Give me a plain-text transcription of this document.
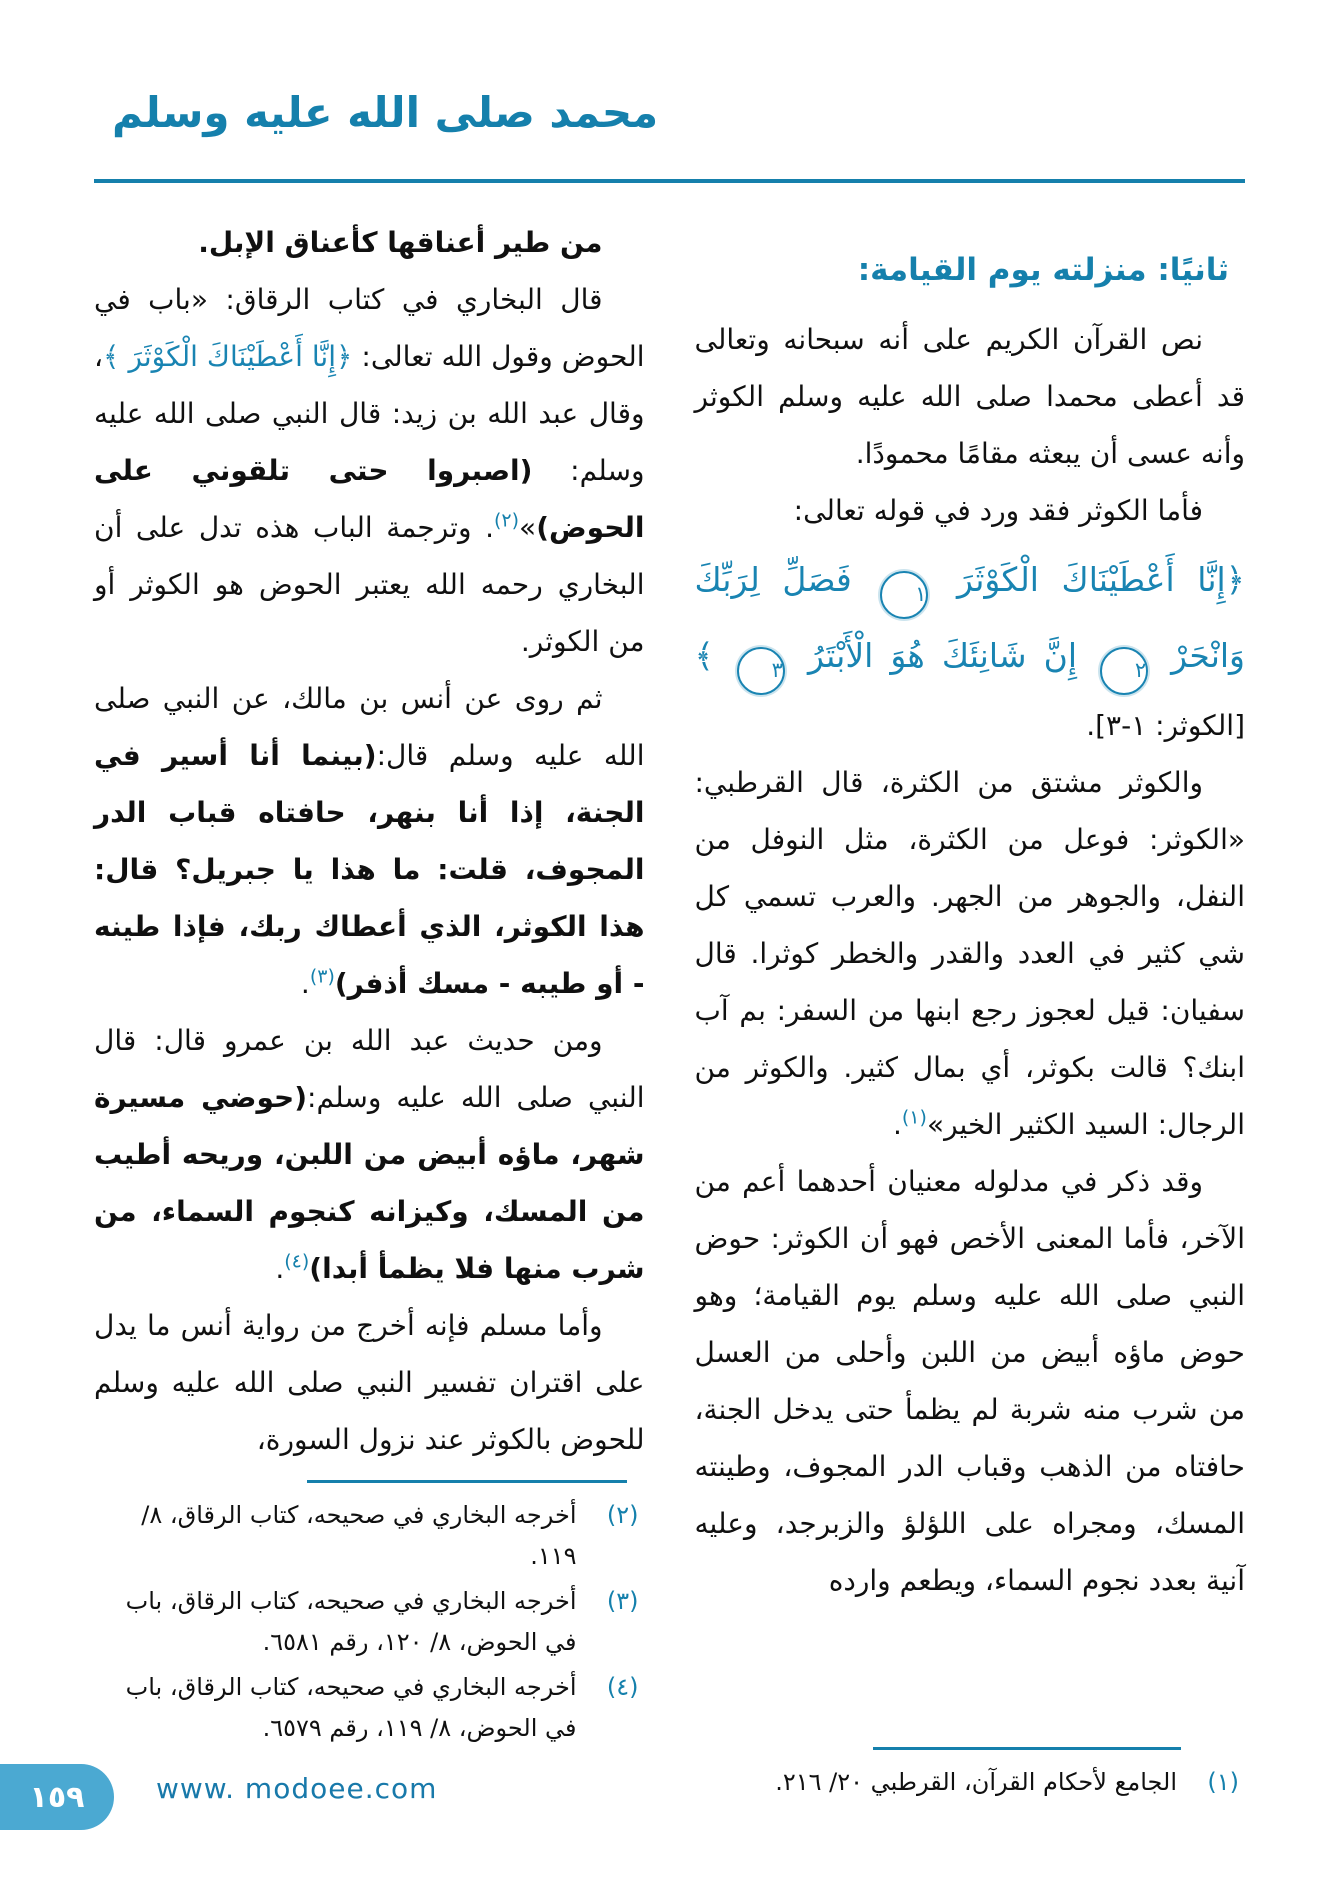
محمد صلى الله عليه وسلم
ثانيًا: منزلته يوم القيامة:

نص القرآن الكريم على أنه سبحانه وتعالى قد أعطى محمدا صلى الله عليه وسلم الكوثر وأنه عسى أن يبعثه مقامًا محمودًا.

فأما الكوثر فقد ورد في قوله تعالى:

﴿إِنَّا أَعْطَيْنَاكَ الْكَوْثَرَ ١ فَصَلِّ لِرَبِّكَ وَانْحَرْ ٢ إِنَّ شَانِئَكَ هُوَ الْأَبْتَرُ ٣ ﴾

[الكوثر: ١-٣].

والكوثر مشتق من الكثرة، قال القرطبي: «الكوثر: فوعل من الكثرة، مثل النوفل من النفل، والجوهر من الجهر. والعرب تسمي كل شي كثير في العدد والقدر والخطر كوثرا. قال سفيان: قيل لعجوز رجع ابنها من السفر: بم آب ابنك؟ قالت بكوثر، أي بمال كثير. والكوثر من الرجال: السيد الكثير الخير»$^{(١)}$.

وقد ذكر في مدلوله معنيان أحدهما أعم من الآخر، فأما المعنى الأخص فهو أن الكوثر: حوض النبي صلى الله عليه وسلم يوم القيامة؛ وهو حوض ماؤه أبيض من اللبن وأحلى من العسل من شرب منه شربة لم يظمأ حتى يدخل الجنة، حافتاه من الذهب وقباب الدر المجوف، وطينته المسك، ومجراه على اللؤلؤ والزبرجد، وعليه آنية بعدد نجوم السماء، ويطعم وارده

(١)
الجامع لأحكام القرآن، القرطبي ٢٠/ ٢١٦.

من طير أعناقها كأعناق الإبل.

قال البخاري في كتاب الرقاق: «باب في الحوض وقول الله تعالى: ﴿إِنَّا أَعْطَيْنَاكَ الْكَوْثَرَ ﴾، وقال عبد الله بن زيد: قال النبي صلى الله عليه وسلم: (اصبروا حتى تلقوني على الحوض)»$^{(٢)}$. وترجمة الباب هذه تدل على أن البخاري رحمه الله يعتبر الحوض هو الكوثر أو من الكوثر.

ثم روى عن أنس بن مالك، عن النبي صلى الله عليه وسلم قال:(بينما أنا أسير في الجنة، إذا أنا بنهر، حافتاه قباب الدر المجوف، قلت: ما هذا يا جبريل؟ قال: هذا الكوثر، الذي أعطاك ربك، فإذا طينه - أو طيبه - مسك أذفر)$^{(٣)}$.

ومن حديث عبد الله بن عمرو قال: قال النبي صلى الله عليه وسلم:(حوضي مسيرة شهر، ماؤه أبيض من اللبن، وريحه أطيب من المسك، وكيزانه كنجوم السماء، من شرب منها فلا يظمأ أبدا)$^{(٤)}$.

وأما مسلم فإنه أخرج من رواية أنس ما يدل على اقتران تفسير النبي صلى الله عليه وسلم للحوض بالكوثر عند نزول السورة،

(٢)
أخرجه البخاري في صحيحه، كتاب الرقاق، ٨/ ١١٩.
(٣)
أخرجه البخاري في صحيحه، كتاب الرقاق، باب في الحوض، ٨/ ١٢٠، رقم ٦٥٨١.
(٤)
أخرجه البخاري في صحيحه، كتاب الرقاق، باب في الحوض، ٨/ ١١٩، رقم ٦٥٧٩.
١٥٩	www. modoee.com
